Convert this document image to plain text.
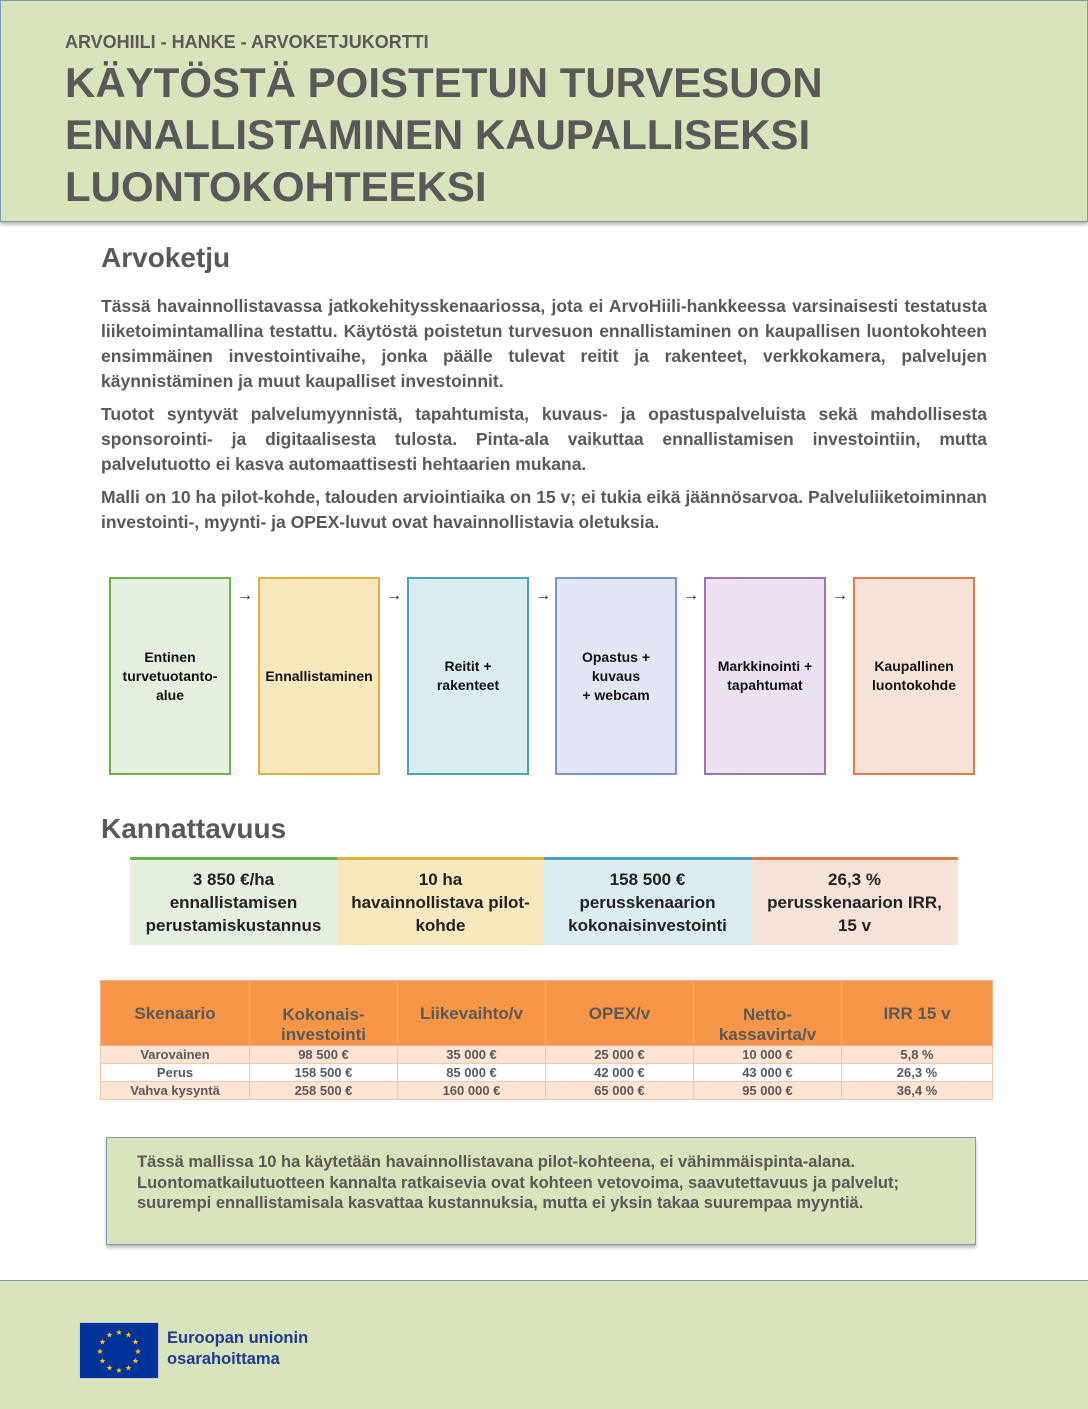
ARVOHIILI - HANKE - ARVOKETJUKORTTI
KÄYTÖSTÄ POISTETUN TURVESUON ENNALLISTAMINEN KAUPALLISEKSI LUONTOKOHTEEKSI
Arvoketju

Tässä havainnollistavassa jatkokehitysskenaariossa, jota ei ArvoHiili-hankkeessa varsinaisesti testatusta liiketoimintamallina testattu. Käytöstä poistetun turvesuon ennallistaminen on kaupallisen luontokohteen ensimmäinen investointivaihe, jonka päälle tulevat reitit ja rakenteet, verkkokamera, palvelujen käynnistäminen ja muut kaupalliset investoinnit.

Tuotot syntyvät palvelumyynnistä, tapahtumista, kuvaus- ja opastuspalveluista sekä mahdollisesta sponsorointi- ja digitaalisesta tulosta. Pinta-ala vaikuttaa ennallistamisen investointiin, mutta palvelutuotto ei kasva automaattisesti hehtaarien mukana.

Malli on 10 ha pilot-kohde, talouden arviointiaika on 15 v; ei tukia eikä jäännösarvoa. Palveluliiketoiminnan investointi-, myynti- ja OPEX-luvut ovat havainnollistavia oletuksia.

Entinen
turvetuotanto-
alue
→
Ennallistaminen
→
Reitit +
rakenteet
→
Opastus +
kuvaus
+ webcam
→
Markkinointi +
tapahtumat
→
Kaupallinen
luontokohde
Kannattavuus
3 850 €/ha
ennallistamisen
perustamiskustannus
10 ha
havainnollistava pilot-
kohde
158 500 €
perusskenaarion
kokonaisinvestointi
26,3 %
perusskenaarion IRR,
15 v
Skenaario	Kokonais-
investointi	Liikevaihto/v	OPEX/v	Netto-
kassavirta/v	IRR 15 v
Varovainen	98 500 €	35 000 €	25 000 €	10 000 €	5,8 %
Perus	158 500 €	85 000 €	42 000 €	43 000 €	26,3 %
Vahva kysyntä	258 500 €	160 000 €	65 000 €	95 000 €	36,4 %
Tässä mallissa 10 ha käytetään havainnollistavana pilot-kohteena, ei vähimmäispinta-alana. Luontomatkailutuotteen kannalta ratkaisevia ovat kohteen vetovoima, saavutettavuus ja palvelut; suurempi ennallistamisala kasvattaa kustannuksia, mutta ei yksin takaa suurempaa myyntiä.
★ ★
★
★
★
★
★
★
★
★
★
★	Euroopan unionin
osarahoittama
